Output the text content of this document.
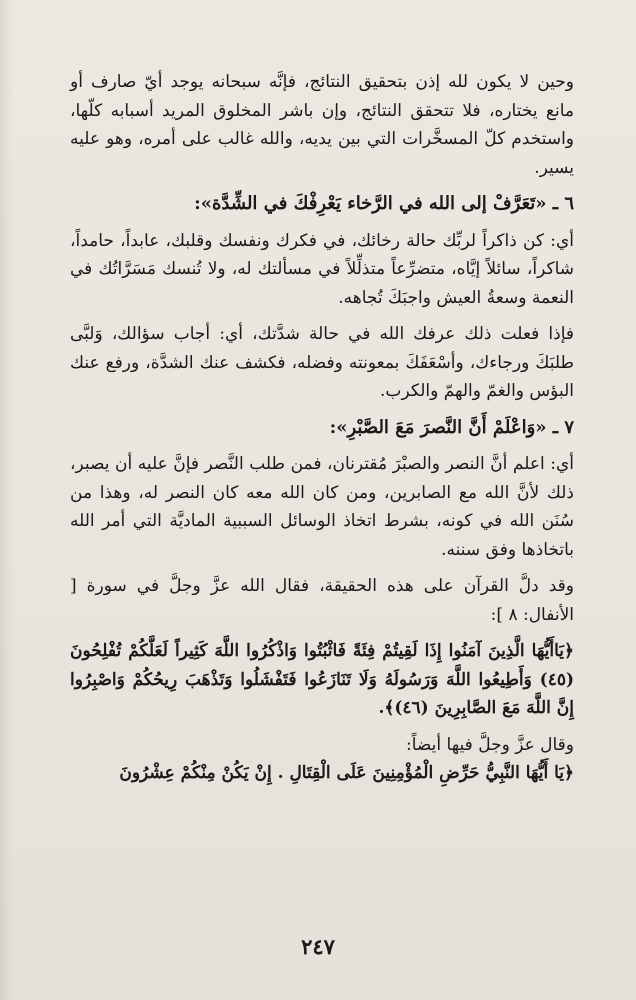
وحين لا يكون لله إذن بتحقيق النتائج، فإنَّه سبحانه يوجد أيّ صارف أو مانع يختاره، فلا تتحقق النتائج، وإن باشر المخلوق المريد أسبابه كلّها، واستخدم كلّ المسخَّرات التي بين يديه، والله غالب على أمره، وهو عليه يسير.

٦ ـ «تَعَرَّفْ إلى الله في الرَّخاء يَعْرِفْكَ في الشِّدَّة»:

أي: كن ذاكراً لربِّك حالة رخائك، في فكرك ونفسك وقلبك، عابداً، حامداً، شاكراً، سائلاً إيَّاه، متضرِّعاً متذلِّلاً في مسألتك له، ولا تُنسك مَسَرَّاتُك في النعمة وسعةُ العيش واجبَكَ تُجاهه.

فإذا فعلت ذلك عرفك الله في حالة شدَّتك، أي: أجاب سؤالك، وَلبَّى طلبَكَ ورجاءك، وأسْعَفَكَ بمعونته وفضله، فكشف عنك الشدَّة، ورفع عنك البؤس والغمّ والهمّ والكرب.

٧ ـ «وَاعْلَمْ أَنَّ النَّصرَ مَعَ الصَّبْرِ»:

أي: اعلم أنَّ النصر والصبْرَ مُقترنان، فمن طلب النَّصر فإنَّ عليه أن يصبر، ذلك لأنَّ الله مع الصابرين، ومن كان الله معه كان النصر له، وهذا من سُنَن الله في كونه، بشرط اتخاذ الوسائل السببية الماديَّة التي أمر الله باتخاذها وفق سننه.

وقد دلَّ القرآن على هذه الحقيقة، فقال الله عزَّ وجلَّ في سورة [ الأنفال: ٨ ]:

﴿يَاأَيُّهَا الَّذِينَ آمَنُوا إِذَا لَقِيتُمْ فِئَةً فَاثْبُتُوا وَاذْكُرُوا اللَّهَ كَثِيراً لَعَلَّكُمْ تُفْلِحُونَ (٤٥) وَأَطِيعُوا اللَّهَ وَرَسُولَهُ وَلَا تَنَازَعُوا فَتَفْشَلُوا وَتَذْهَبَ رِيحُكُمْ وَاصْبِرُوا إِنَّ اللَّهَ مَعَ الصَّابِرِينَ (٤٦)﴾.

وقال عزَّ وجلَّ فيها أيضاً:

﴿يَا أَيُّهَا النَّبِيُّ حَرِّضِ الْمُؤْمِنِينَ عَلَى الْقِتَالِ . إِنْ يَكُنْ مِنْكُمْ عِشْرُونَ

٢٤٧
